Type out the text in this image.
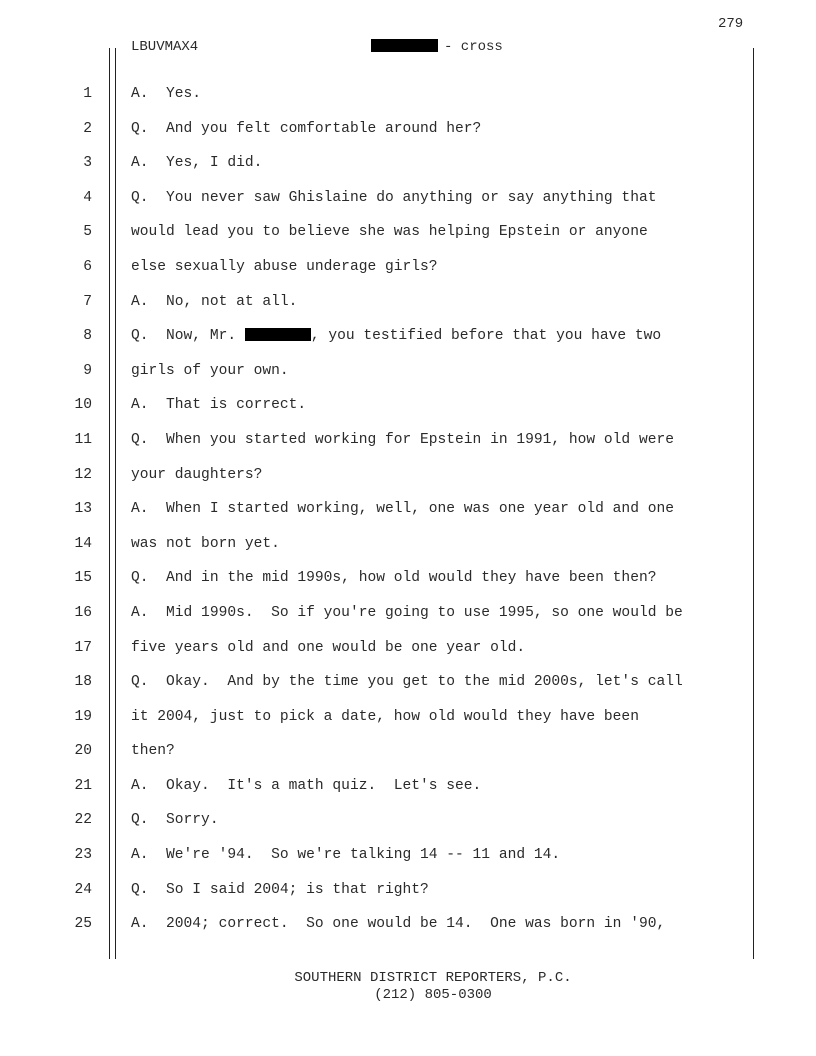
279
LBUVMAX4	- cross
1	A.  Yes.
2	Q.  And you felt comfortable around her?
3	A.  Yes, I did.
4	Q.  You never saw Ghislaine do anything or say anything that
5	would lead you to believe she was helping Epstein or anyone
6	else sexually abuse underage girls?
7	A.  No, not at all.
8	Q.  Now, Mr.	, you testified before that you have two
9	girls of your own.
10	A.  That is correct.
11	Q.  When you started working for Epstein in 1991, how old were
12	your daughters?
13	A.  When I started working, well, one was one year old and one
14	was not born yet.
15	Q.  And in the mid 1990s, how old would they have been then?
16	A.  Mid 1990s.  So if you're going to use 1995, so one would be
17	five years old and one would be one year old.
18	Q.  Okay.  And by the time you get to the mid 2000s, let's call
19	it 2004, just to pick a date, how old would they have been
20	then?
21	A.  Okay.  It's a math quiz.  Let's see.
22	Q.  Sorry.
23	A.  We're '94.  So we're talking 14 -- 11 and 14.
24	Q.  So I said 2004; is that right?
25	A.  2004; correct.  So one would be 14.  One was born in '90,
SOUTHERN DISTRICT REPORTERS, P.C.
(212) 805-0300
